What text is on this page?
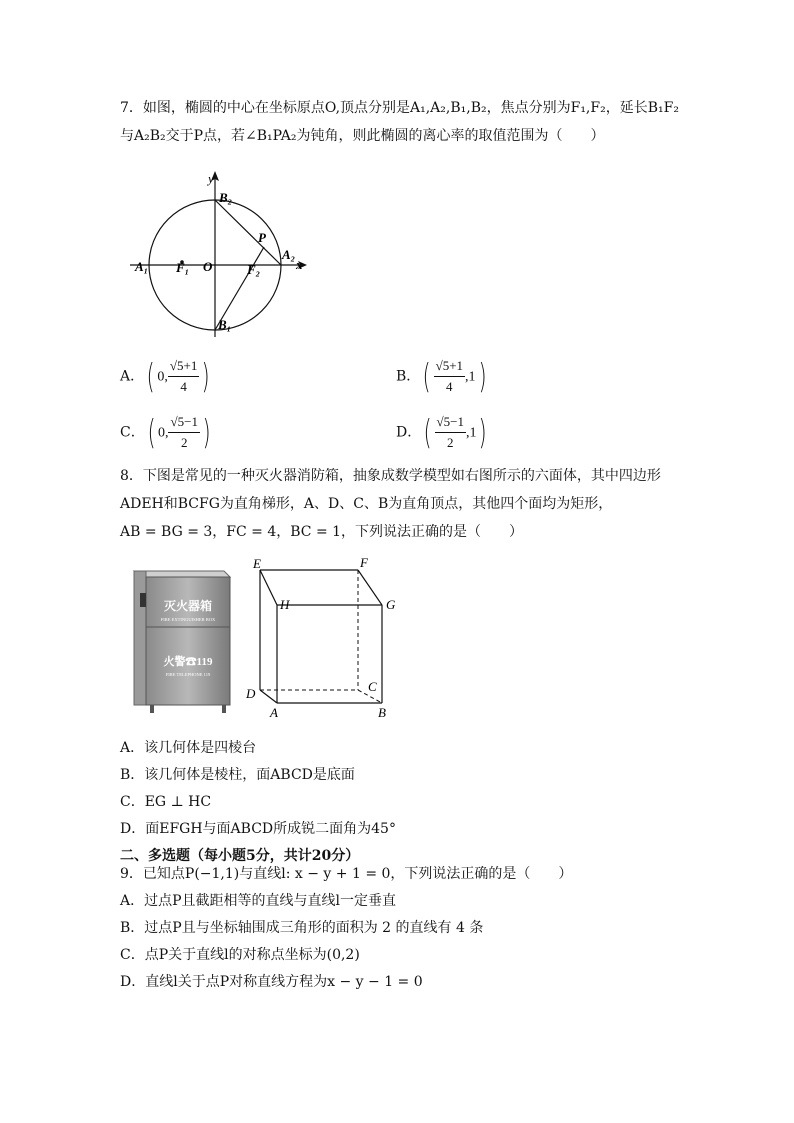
7．如图，椭圆的中心在坐标原点O,顶点分别是A₁,A₂,B₁,B₂，焦点分别为F₁,F₂，延长B₁F₂
与A₂B₂交于P点，若∠B₁PA₂为钝角，则此椭圆的离心率的取值范围为（　　）
y
x
B₂
B₁
A₁
A₂
F₁	F₂
O
P
A．( 0, $\frac{√5+1}{4}$ )	B．( $\frac{√5+1}{4} ,1$)
C．( 0, $\frac{√5-1}{2}$ )	D．( $\frac{√5-1}{2} ,1$)
8．下图是常见的一种灭火器消防箱，抽象成数学模型如右图所示的六面体，其中四边形
ADEH和BCFG为直角梯形，A、D、C、B为直角顶点，其他四个面均为矩形，
AB = BG = 3，FC = 4，BC = 1，下列说法正确的是（　　）
灭火器箱
FIRE EXTINGUISHER BOX
火警☎119
FIRE TELEPHONE 119
E	F
H	G
D	C
A	B
A．该几何体是四棱台
B．该几何体是棱柱，面ABCD是底面
C．EG ⊥ HC
D．面EFGH与面ABCD所成锐二面角为45°
二、多选题（每小题5分，共计20分）
9．已知点P(−1,1)与直线l: x − y + 1 = 0，下列说法正确的是（　　）
A．过点P且截距相等的直线与直线l一定垂直
B．过点P且与坐标轴围成三角形的面积为 2 的直线有 4 条
C．点P关于直线l的对称点坐标为(0,2)
D．直线l关于点P对称直线方程为x − y − 1 = 0
